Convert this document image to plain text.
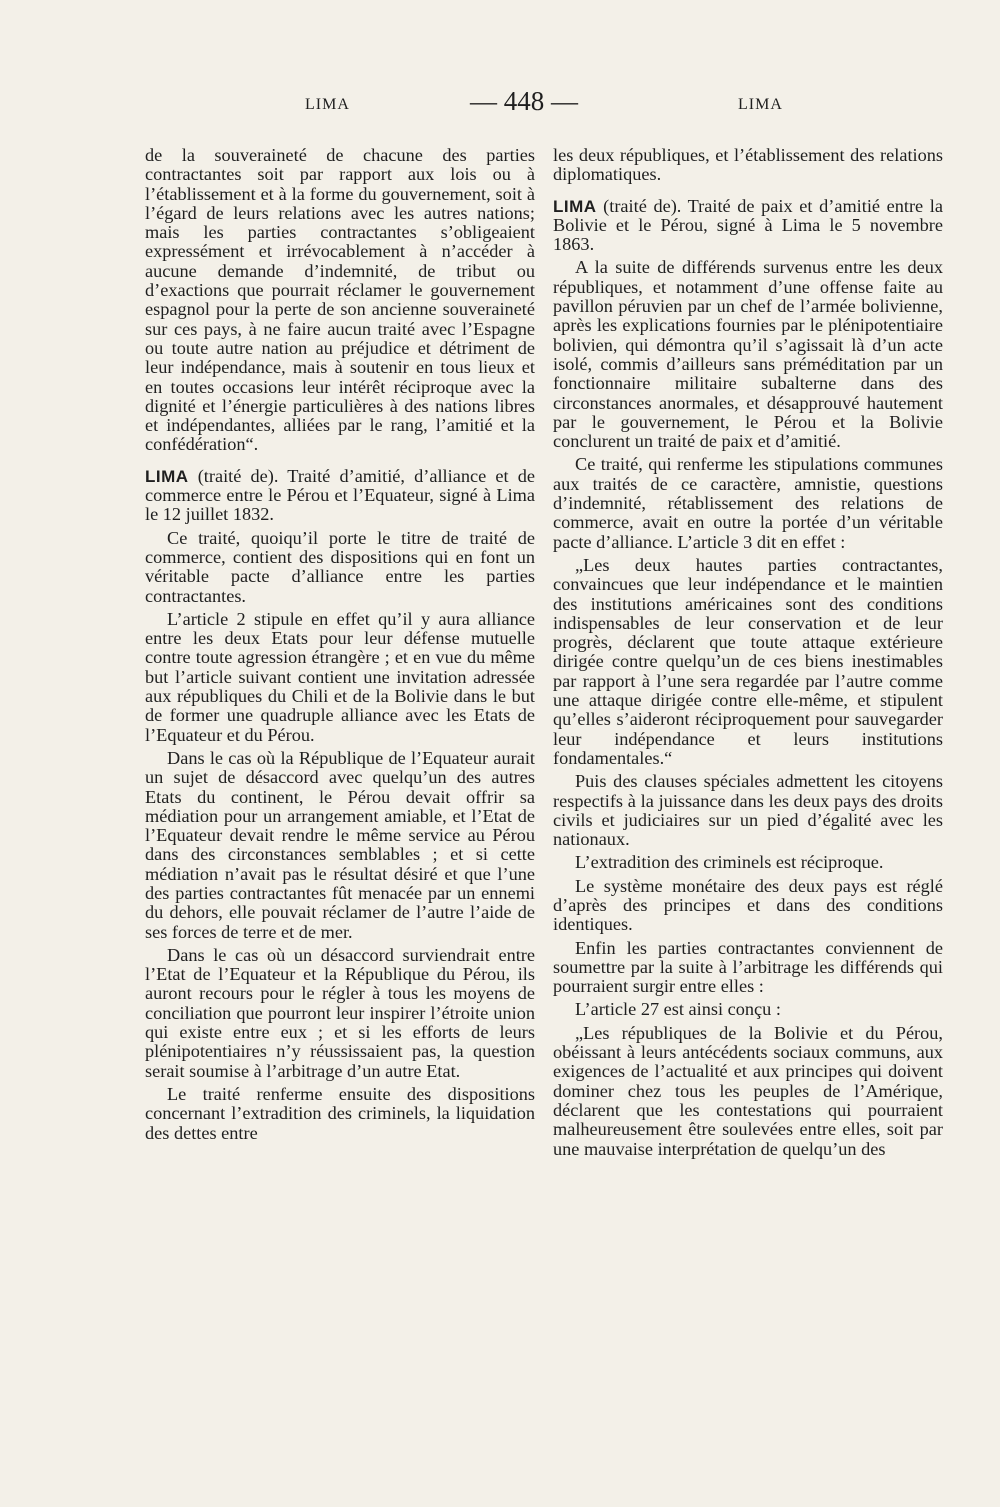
LIMA	— 448 —	LIMA

de la souveraineté de chacune des parties contractantes soit par rapport aux lois ou à l’établissement et à la forme du gouvernement, soit à l’égard de leurs relations avec les autres nations; mais les parties contractantes s’obligeaient expressément et irrévocablement à n’accéder à aucune demande d’indemnité, de tribut ou d’exactions que pourrait réclamer le gouvernement espagnol pour la perte de son ancienne souveraineté sur ces pays, à ne faire aucun traité avec l’Espagne ou toute autre nation au préjudice et détriment de leur indépendance, mais à soutenir en tous lieux et en toutes occasions leur intérêt réciproque avec la dignité et l’énergie particulières à des nations libres et indépendantes, alliées par le rang, l’amitié et la confédération“.

LIMA (traité de). Traité d’amitié, d’alliance et de commerce entre le Pérou et l’Equateur, signé à Lima le 12 juillet 1832.

Ce traité, quoiqu’il porte le titre de traité de commerce, contient des dispositions qui en font un véritable pacte d’alliance entre les parties contractantes.

L’article 2 stipule en effet qu’il y aura alliance entre les deux Etats pour leur défense mutuelle contre toute agression étrangère ; et en vue du même but l’article suivant contient une invitation adressée aux républiques du Chili et de la Bolivie dans le but de former une quadruple alliance avec les Etats de l’Equateur et du Pérou.

Dans le cas où la République de l’Equateur aurait un sujet de désaccord avec quelqu’un des autres Etats du continent, le Pérou devait offrir sa médiation pour un arrangement amiable, et l’Etat de l’Equateur devait rendre le même service au Pérou dans des circonstances semblables ; et si cette médiation n’avait pas le résultat désiré et que l’une des parties contractantes fût menacée par un ennemi du dehors, elle pouvait réclamer de l’autre l’aide de ses forces de terre et de mer.

Dans le cas où un désaccord surviendrait entre l’Etat de l’Equateur et la République du Pérou, ils auront recours pour le régler à tous les moyens de conciliation que pourront leur inspirer l’étroite union qui existe entre eux ; et si les efforts de leurs plénipotentiaires n’y réussissaient pas, la question serait soumise à l’arbitrage d’un autre Etat.

Le traité renferme ensuite des dispositions concernant l’extradition des criminels, la liquidation des dettes entre

les deux républiques, et l’établissement des relations diplomatiques.

LIMA (traité de). Traité de paix et d’amitié entre la Bolivie et le Pérou, signé à Lima le 5 novembre 1863.

A la suite de différends survenus entre les deux républiques, et notamment d’une offense faite au pavillon péruvien par un chef de l’armée bolivienne, après les explications fournies par le plénipotentiaire bolivien, qui démontra qu’il s’agissait là d’un acte isolé, commis d’ailleurs sans préméditation par un fonctionnaire militaire subalterne dans des circonstances anormales, et désapprouvé hautement par le gouvernement, le Pérou et la Bolivie conclurent un traité de paix et d’amitié.

Ce traité, qui renferme les stipulations communes aux traités de ce caractère, amnistie, questions d’indemnité, rétablissement des relations de commerce, avait en outre la portée d’un véritable pacte d’alliance. L’article 3 dit en effet :

„Les deux hautes parties contractantes, convaincues que leur indépendance et le maintien des institutions américaines sont des conditions indispensables de leur conservation et de leur progrès, déclarent que toute attaque extérieure dirigée contre quelqu’un de ces biens inestimables par rapport à l’une sera regardée par l’autre comme une attaque dirigée contre elle-même, et stipulent qu’elles s’aideront réciproquement pour sauvegarder leur indépendance et leurs institutions fondamentales.“

Puis des clauses spéciales admettent les citoyens respectifs à la juissance dans les deux pays des droits civils et judiciaires sur un pied d’égalité avec les nationaux.

L’extradition des criminels est réciproque.

Le système monétaire des deux pays est réglé d’après des principes et dans des conditions identiques.

Enfin les parties contractantes conviennent de soumettre par la suite à l’arbitrage les différends qui pourraient surgir entre elles :

L’article 27 est ainsi conçu :

„Les républiques de la Bolivie et du Pérou, obéissant à leurs antécédents sociaux communs, aux exigences de l’actualité et aux principes qui doivent dominer chez tous les peuples de l’Amérique, déclarent que les contestations qui pourraient malheureusement être soulevées entre elles, soit par une mauvaise interprétation de quelqu’un des
